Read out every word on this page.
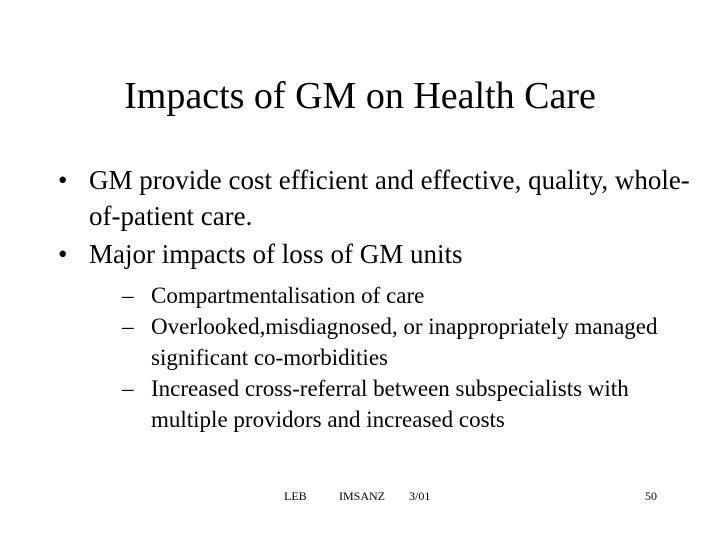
Impacts of GM on Health Care
• GM provide cost efficient and effective, quality, whole-of-patient care.
• Major impacts of loss of GM units
– Compartmentalisation of care
– Overlooked,misdiagnosed, or inappropriately managed significant co-morbidities
– Increased cross-referral between subspecialists with multiple providors and increased costs
LEB	IMSANZ 3/01	50
